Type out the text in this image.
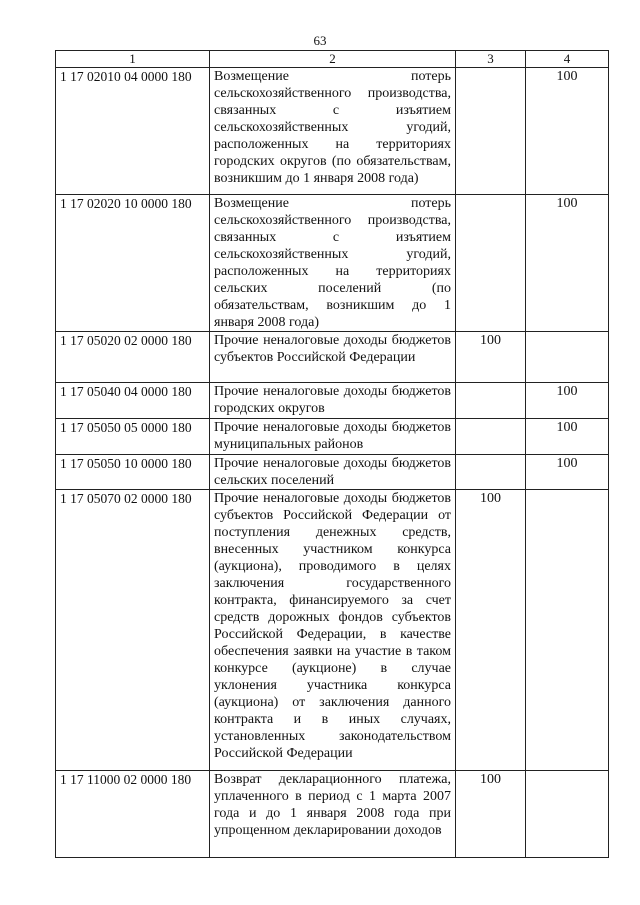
63
1	2	3	4
1 17 02010 04 0000 180	Возмещение потерь сельскохозяйственного производства, связанных с изъятием сельскохозяйственных угодий, расположенных на территориях городских округов (по обязательствам, возникшим до 1 января 2008 года)		100
1 17 02020 10 0000 180	Возмещение потерь сельскохозяйственного производства, связанных с изъятием сельскохозяйственных угодий, расположенных на территориях сельских поселений (по обязательствам, возникшим до 1 января 2008 года)		100
1 17 05020 02 0000 180	Прочие неналоговые доходы бюджетов субъектов Российской Федерации	100	
1 17 05040 04 0000 180	Прочие неналоговые доходы бюджетов городских округов		100
1 17 05050 05 0000 180	Прочие неналоговые доходы бюджетов муниципальных районов		100
1 17 05050 10 0000 180	Прочие неналоговые доходы бюджетов сельских поселений		100
1 17 05070 02 0000 180	Прочие неналоговые доходы бюджетов субъектов Российской Федерации от поступления денежных средств, внесенных участником конкурса (аукциона), проводимого в целях заключения государственного контракта, финансируемого за счет средств дорожных фондов субъектов Российской Федерации, в качестве обеспечения заявки на участие в таком конкурсе (аукционе) в случае уклонения участника конкурса (аукциона) от заключения данного контракта и в иных случаях, установленных законодательством Российской Федерации	100	
1 17 11000 02 0000 180	Возврат декларационного платежа, уплаченного в период с 1 марта 2007 года и до 1 января 2008 года при упрощенном декларировании доходов	100	
